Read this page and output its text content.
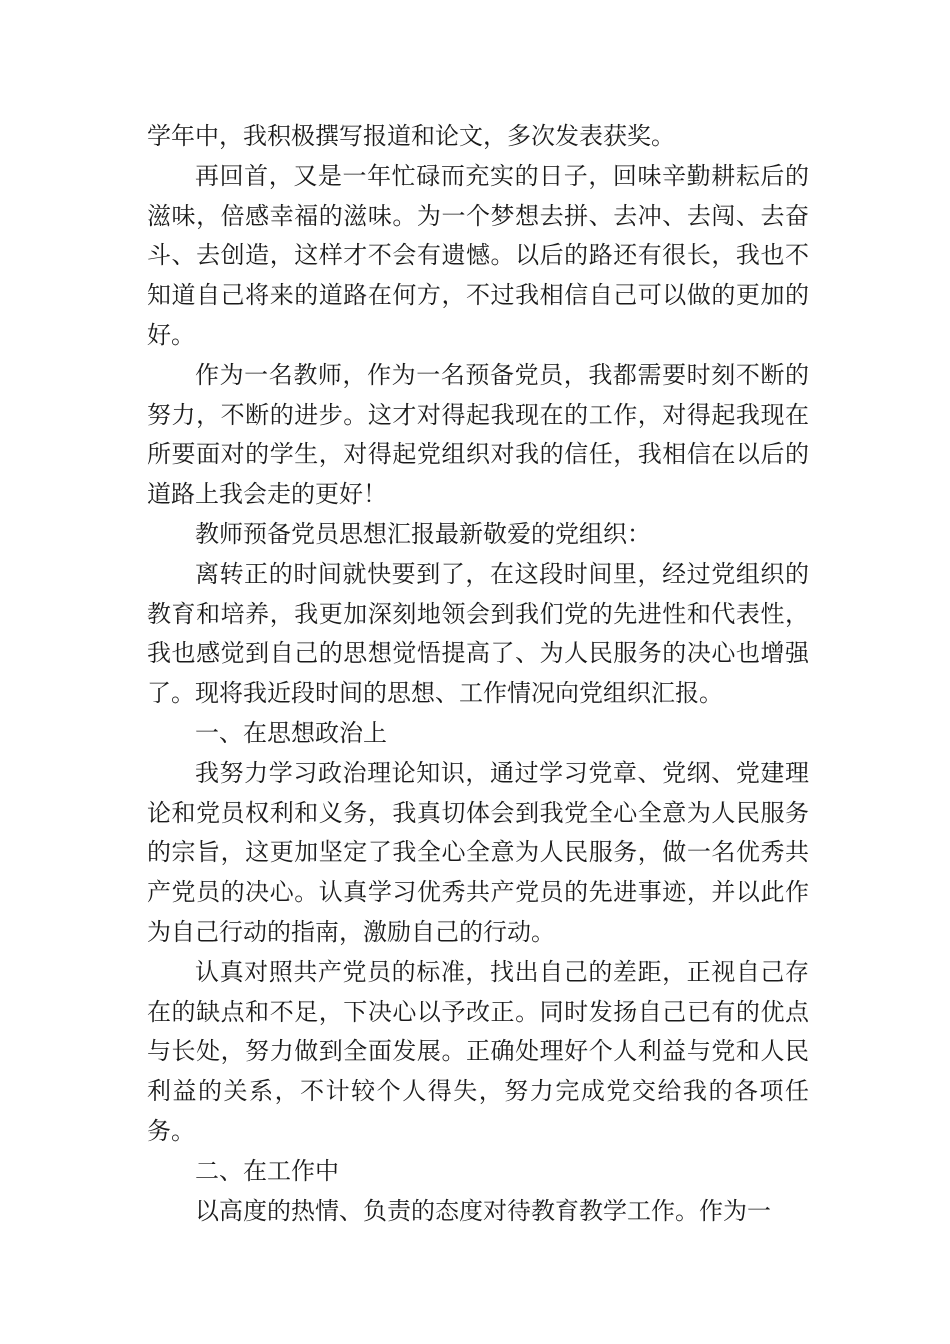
学年中，我积极撰写报道和论文，多次发表获奖。

再回首，又是一年忙碌而充实的日子，回味辛勤耕耘后的滋味，倍感幸福的滋味。为一个梦想去拼、去冲、去闯、去奋斗、去创造，这样才不会有遗憾。以后的路还有很长，我也不知道自己将来的道路在何方，不过我相信自己可以做的更加的好。

作为一名教师，作为一名预备党员，我都需要时刻不断的努力，不断的进步。这才对得起我现在的工作，对得起我现在所要面对的学生，对得起党组织对我的信任，我相信在以后的道路上我会走的更好！

教师预备党员思想汇报最新敬爱的党组织：

离转正的时间就快要到了，在这段时间里，经过党组织的教育和培养，我更加深刻地领会到我们党的先进性和代表性，我也感觉到自己的思想觉悟提高了、为人民服务的决心也增强了。现将我近段时间的思想、工作情况向党组织汇报。

一、在思想政治上

我努力学习政治理论知识，通过学习党章、党纲、党建理论和党员权利和义务，我真切体会到我党全心全意为人民服务的宗旨，这更加坚定了我全心全意为人民服务，做一名优秀共产党员的决心。认真学习优秀共产党员的先进事迹，并以此作为自己行动的指南，激励自己的行动。

认真对照共产党员的标准，找出自己的差距，正视自己存在的缺点和不足，下决心以予改正。同时发扬自己已有的优点与长处，努力做到全面发展。正确处理好个人利益与党和人民利益的关系，不计较个人得失，努力完成党交给我的各项任务。

二、在工作中

以高度的热情、负责的态度对待教育教学工作。作为一
